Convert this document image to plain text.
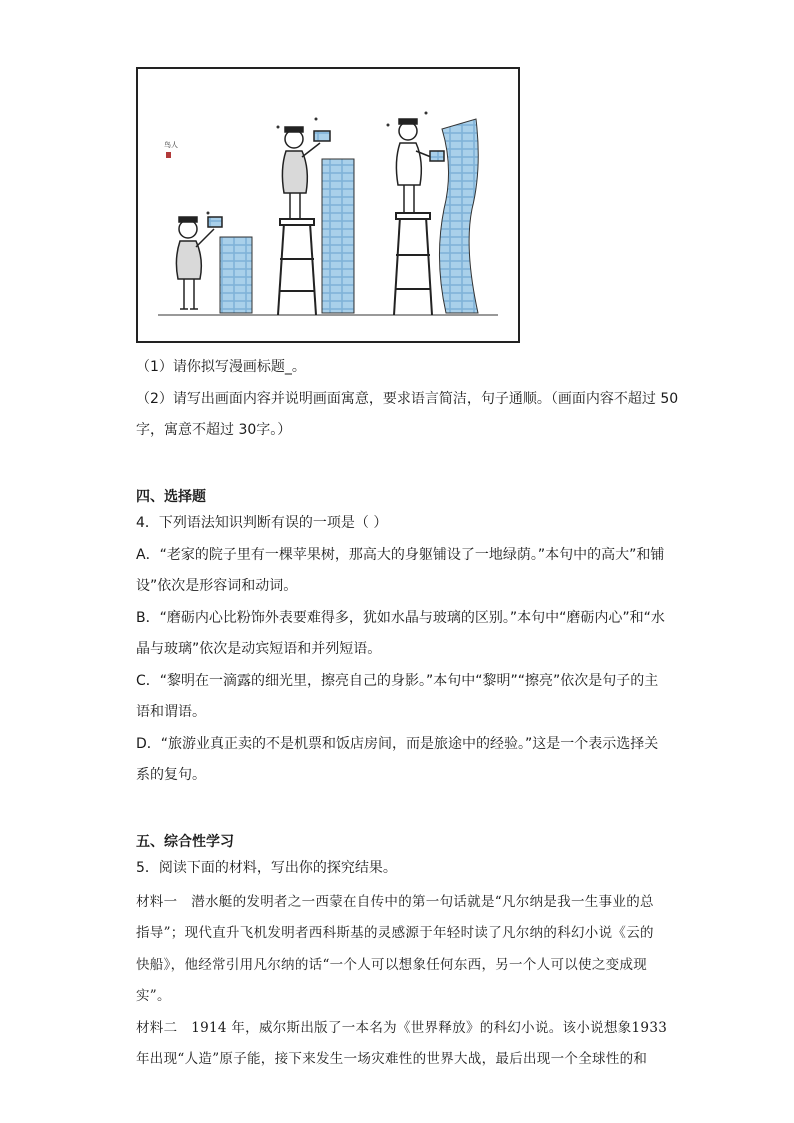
鸟人
（1）请你拟写漫画标题_。
（2）请写出画面内容并说明画面寓意，要求语言简洁，句子通顺。（画面内容不超过 50
字，寓意不超过 30字。）
四、选择题
4．下列语法知识判断有误的一项是（ ）
A．“老家的院子里有一棵苹果树，那高大的身躯铺设了一地绿荫。”本句中的高大”和铺
设”依次是形容词和动词。
B．“磨砺内心比粉饰外表要难得多，犹如水晶与玻璃的区别。”本句中“磨砺内心”和“水
晶与玻璃”依次是动宾短语和并列短语。
C．“黎明在一滴露的细光里，擦亮自己的身影。”本句中“黎明”“擦亮”依次是句子的主
语和谓语。
D．“旅游业真正卖的不是机票和饭店房间，而是旅途中的经验。”这是一个表示选择关
系的复句。
五、综合性学习
5．阅读下面的材料，写出你的探究结果。
材料一　潜水艇的发明者之一西蒙在自传中的第一句话就是“凡尔纳是我一生事业的总
指导”；现代直升飞机发明者西科斯基的灵感源于年轻时读了凡尔纳的科幻小说《云的
快船》，他经常引用凡尔纳的话“一个人可以想象任何东西，另一个人可以使之变成现
实”。
材料二　1914 年，威尔斯出版了一本名为《世界释放》的科幻小说。该小说想象1933
年出现“人造”原子能，接下来发生一场灾难性的世界大战，最后出现一个全球性的和
